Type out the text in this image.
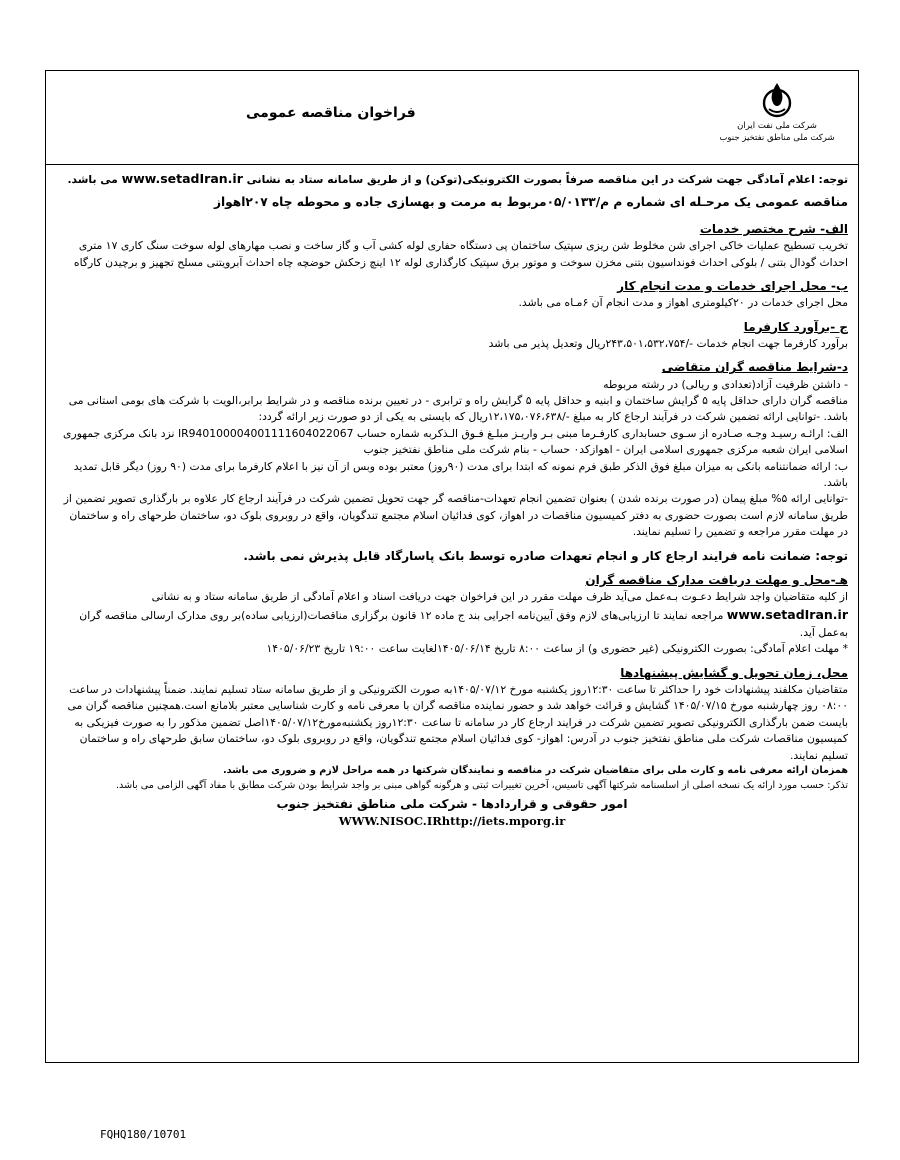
فراخوان مناقصه عمومی
شرکت ملی نفت ایران
شرکت ملی مناطق نفتخیز جنوب

توجه: اعلام آمادگی جهت شرکت در این مناقصه صرفاً بصورت الکترونیکی(توکن) و از طریق سامانه ستاد به نشانی www.setadIran.ir می باشد.

مناقصه عمومی یک مرحـله ای شماره م م/۰۵/۰۱۳۳مربوط به مرمت و بهسازی جاده و محوطه چاه ۲۰۷اهواز

الف- شرح مختصر خدمات

تخریب تسطیح عملیات خاکی اجرای شن مخلوط شن ریزی سپتیک ساختمان پی دستگاه حفاری لوله کشی آب و گاز ساخت و نصب مهارهای لوله سوخت سنگ کاری ۱۷ متری احداث گودال بتنی / بلوکی احداث فونداسیون بتنی مخزن سوخت و موتور برق سپتیک کارگذاری لوله ۱۲ اینچ زحکش حوضچه چاه احداث آبرویتنی مسلح تجهیز و برچیدن کارگاه

ب- محل اجرای خدمات و مدت انجام کار

محل اجرای خدمات در ۲۰کیلومتری اهواز و مدت انجام آن ۶مـاه می باشد.

ج -برآورد کارفرما

برآورد کارفرما جهت انجام خدمات -/۲۴۳،۵۰۱،۵۳۲،۷۵۴ریال وتعدیل پذیر می باشد

د-شرایط مناقصه گران متقاضی

- داشتن ظرفیت آزاد(تعدادی و ریالی) در رشته مربوطه

مناقصه گران دارای حداقل پایه ۵ گرایش ساختمان و ابنیه و حداقل پایه ۵ گرایش راه و ترابری - در تعیین برنده مناقصه و در شرایط برابر،الویت با شرکت های بومی استانی می باشد. -توانایی ارائه تضمین شرکت در فرآیند ارجاع کار به مبلغ -/۱۲،۱۷۵،۰۷۶،۶۳۸ریال که بایستی به یکی از دو صورت زیر ارائه گردد:

الف: ارائـه رسیـد وجـه صـادره از سـوی حسابداری کارفـرما مبنی بـر واریـز مبلـغ فـوق الـذکربه شماره حساب IR940100004001111604022067 نزد بانک مرکزی جمهوری اسلامی ایران شعبه مرکزی جمهوری اسلامی ایران - اهوازکد۰ حساب - بنام شرکت ملی مناطق نفتخیز جنوب

ب: ارائه ضمانتنامه بانکی به میزان مبلغ فوق الذکر طبق فرم نمونه که ابتدا برای مدت (۹۰روز) معتبر بوده وبس از آن نیز با اعلام کارفرما برای مدت (۹۰ روز) دیگر قابل تمدید باشد.

-توانایی ارائه ۵% مبلغ پیمان (در صورت برنده شدن ) بعنوان تضمین انجام تعهدات-مناقصه گر جهت تحویل تضمین شرکت در فرآیند ارجاع کار علاوه بر بارگذاری تصویر تضمین از طریق سامانه لازم است بصورت حضوری به دفتر کمیسیون مناقصات در اهواز، کوی فدائیان اسلام مجتمع تندگویان، واقع در روبروی بلوک دو، ساختمان طرحهای راه و ساختمان در مهلت مقرر مراجعه و تضمین را تسلیم نمایند.

توجه: ضمانت نامه فرایند ارجاع کار و انجام تعهدات صادره توسط بانک پاسارگاد قابل پذیرش نمی باشد.

هـ-محل و مهلت دریافت مدارک مناقصه گران

از کلیه متقاضیان واجد شرایط دعـوت بـه‌عمل می‌آید ظرف مهلت مقرر در این فراخوان جهت دریافت اسناد و اعلام آمادگی از طریق سامانه ستاد و به نشانی www.setadIran.ir مراجعه نمایند تا ارزیابی‌های لازم وفق آیین‌نامه اجرایی بند ج ماده ۱۲ قانون برگزاری مناقصات(ارزیابی ساده)بر روی مدارک ارسالی مناقصه گران به‌عمل آید.

* مهلت اعلام آمادگی: بصورت الکترونیکی (غیر حضوری و) از ساعت ۸:۰۰ تاریخ ۱۴۰۵/۰۶/۱۴لغایت ساعت ۱۹:۰۰ تاریخ ۱۴۰۵/۰۶/۲۳

محل، زمان تحویل و گشایش پیشنهادها

متقاضیان مکلفند پیشنهادات خود را حداکثر تا ساعت ۱۲:۳۰روز یکشنبه مورخ ۱۴۰۵/۰۷/۱۲به صورت الکترونیکی و از طریق سامانه ستاد تسلیم نمایند. ضمناً پیشنهادات در ساعت ۰۸:۰۰ روز چهارشنبه مورخ ۱۴۰۵/۰۷/۱۵ گشایش و قرائت خواهد شد و حضور نماینده مناقصه گران با معرفی نامه و کارت شناسایی معتبر بلامانع است.همچنین مناقصه گران می بایست ضمن بارگذاری الکترونیکی تصویر تضمین شرکت در فرایند ارجاع کار در سامانه تا ساعت ۱۲:۳۰روز یکشنبه‌مورخ۱۴۰۵/۰۷/۱۲اصل تضمین مذکور را به صورت فیزیکی به کمیسیون مناقصات شرکت ملی مناطق نفتخیز جنوب در آدرس: اهواز- کوی فدائیان اسلام مجتمع تندگویان، واقع در روبروی بلوک دو، ساختمان سابق طرحهای راه و ساختمان تسلیم نمایند.

همزمان ارائه معرفی نامه و کارت ملی برای متقاضیان شرکت در مناقصه و نمایندگان شرکتها در همه مراحل لازم و ضروری می باشد.

تذکر: حسب مورد ارائه یک نسخه اصلی از اسلسنامه شرکتها آگهی تاسیس، آخرین تغییرات ثبتی و هرگونه گواهی مبنی بر واجد شرایط بودن شرکت مطابق با مفاد آگهی الزامی می باشد.

امور حقوقی و قراردادها - شرکت ملی مناطق نفتخیز جنوب

WWW.NISOC.IRhttp://iets.mporg.ir

FQHQ180/10701
